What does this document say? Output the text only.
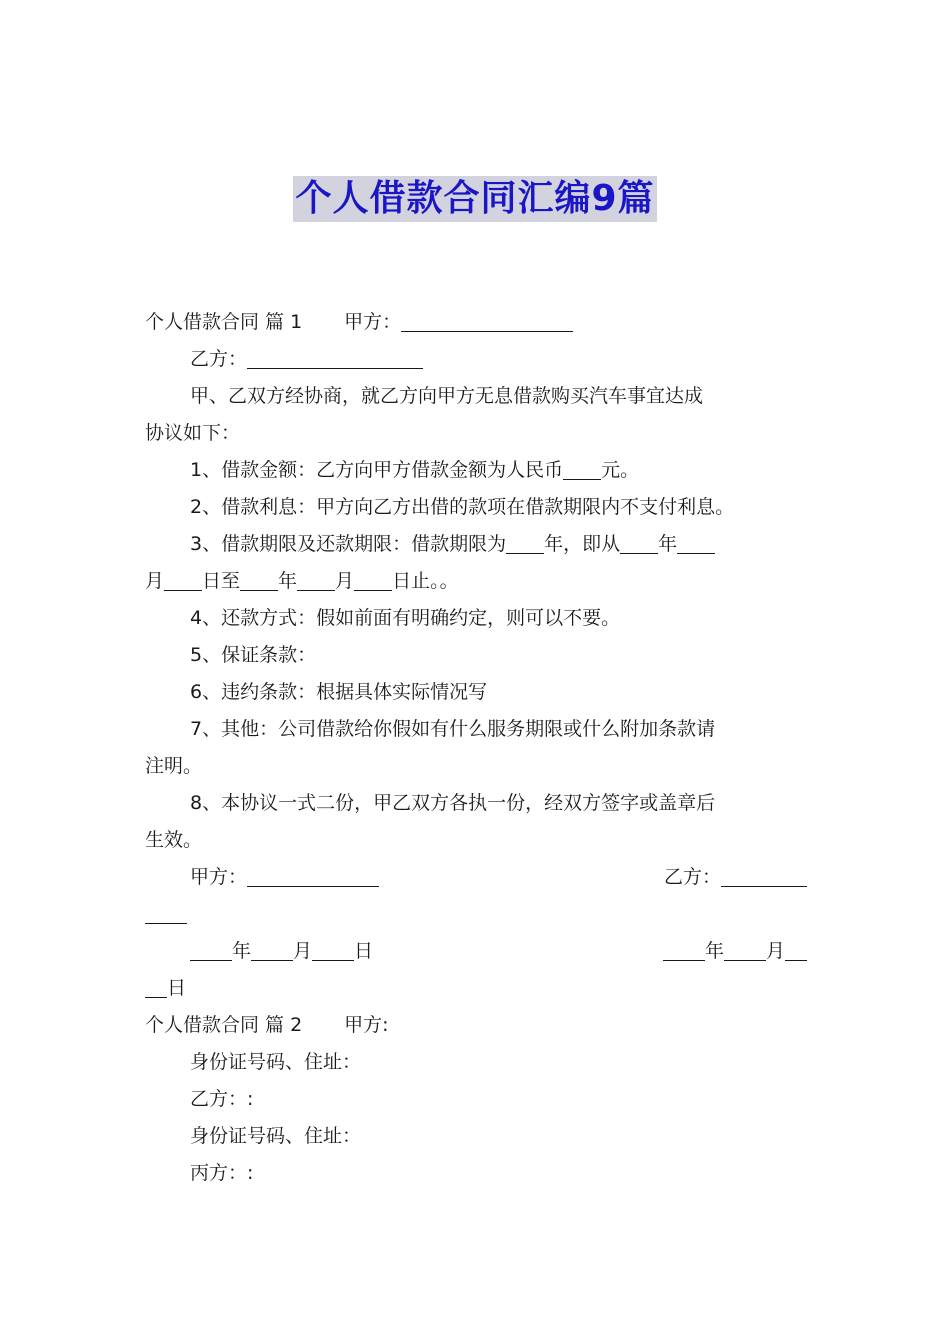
个人借款合同汇编9篇
个人借款合同 篇 1 甲方：
乙方：
甲、乙双方经协商，就乙方向甲方无息借款购买汽车事宜达成
协议如下：
1、借款金额：乙方向甲方借款金额为人民币 元。
2、借款利息：甲方向乙方出借的款项在借款期限内不支付利息。
3、借款期限及还款期限：借款期限为 年，即从 年
月 日至 年 月 日止。。
4、还款方式：假如前面有明确约定，则可以不要。
5、保证条款：
6、违约条款：根据具体实际情况写
7、其他：公司借款给你假如有什么服务期限或什么附加条款请
注明。
8、本协议一式二份，甲乙双方各执一份，经双方签字或盖章后
生效。
甲方：	乙方：
年 月 日	年 月
日
个人借款合同 篇 2 甲方:
身份证号码、住址：
乙方：:
身份证号码、住址：
丙方：:
